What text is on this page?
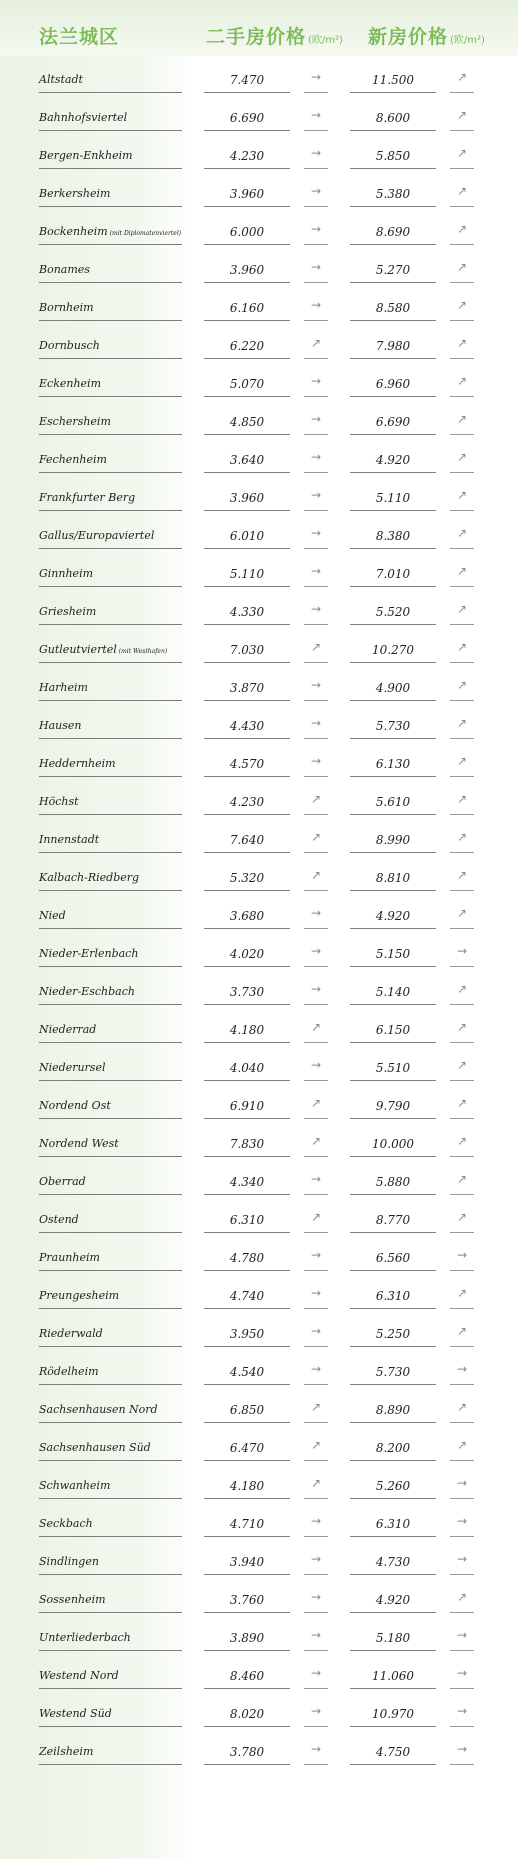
法兰城区	二手房价格 (欧/m²) 新房价格 (欧/m²)
Altstadt	7.470	→	11.500	↗
Bahnhofsviertel	6.690	→	8.600	↗
Bergen-Enkheim	4.230	→	5.850	↗
Berkersheim	3.960	→	5.380	↗
Bockenheim (mit Diplomatenviertel)	6.000	→	8.690	↗
Bonames	3.960	→	5.270	↗
Bornheim	6.160	→	8.580	↗
Dornbusch	6.220	↗	7.980	↗
Eckenheim	5.070	→	6.960	↗
Eschersheim	4.850	→	6.690	↗
Fechenheim	3.640	→	4.920	↗
Frankfurter Berg	3.960	→	5.110	↗
Gallus/Europaviertel	6.010	→	8.380	↗
Ginnheim	5.110	→	7.010	↗
Griesheim	4.330	→	5.520	↗
Gutleutviertel (mit Westhafen)	7.030	↗	10.270	↗
Harheim	3.870	→	4.900	↗
Hausen	4.430	→	5.730	↗
Heddernheim	4.570	→	6.130	↗
Höchst	4.230	↗	5.610	↗
Innenstadt	7.640	↗	8.990	↗
Kalbach-Riedberg	5.320	↗	8.810	↗
Nied	3.680	→	4.920	↗
Nieder-Erlenbach	4.020	→	5.150	→
Nieder-Eschbach	3.730	→	5.140	↗
Niederrad	4.180	↗	6.150	↗
Niederursel	4.040	→	5.510	↗
Nordend Ost	6.910	↗	9.790	↗
Nordend West	7.830	↗	10.000	↗
Oberrad	4.340	→	5.880	↗
Ostend	6.310	↗	8.770	↗
Praunheim	4.780	→	6.560	→
Preungesheim	4.740	→	6.310	↗
Riederwald	3.950	→	5.250	↗
Rödelheim	4.540	→	5.730	→
Sachsenhausen Nord	6.850	↗	8.890	↗
Sachsenhausen Süd	6.470	↗	8.200	↗
Schwanheim	4.180	↗	5.260	→
Seckbach	4.710	→	6.310	→
Sindlingen	3.940	→	4.730	→
Sossenheim	3.760	→	4.920	↗
Unterliederbach	3.890	→	5.180	→
Westend Nord	8.460	→	11.060	→
Westend Süd	8.020	→	10.970	→
Zeilsheim	3.780	→	4.750	→
